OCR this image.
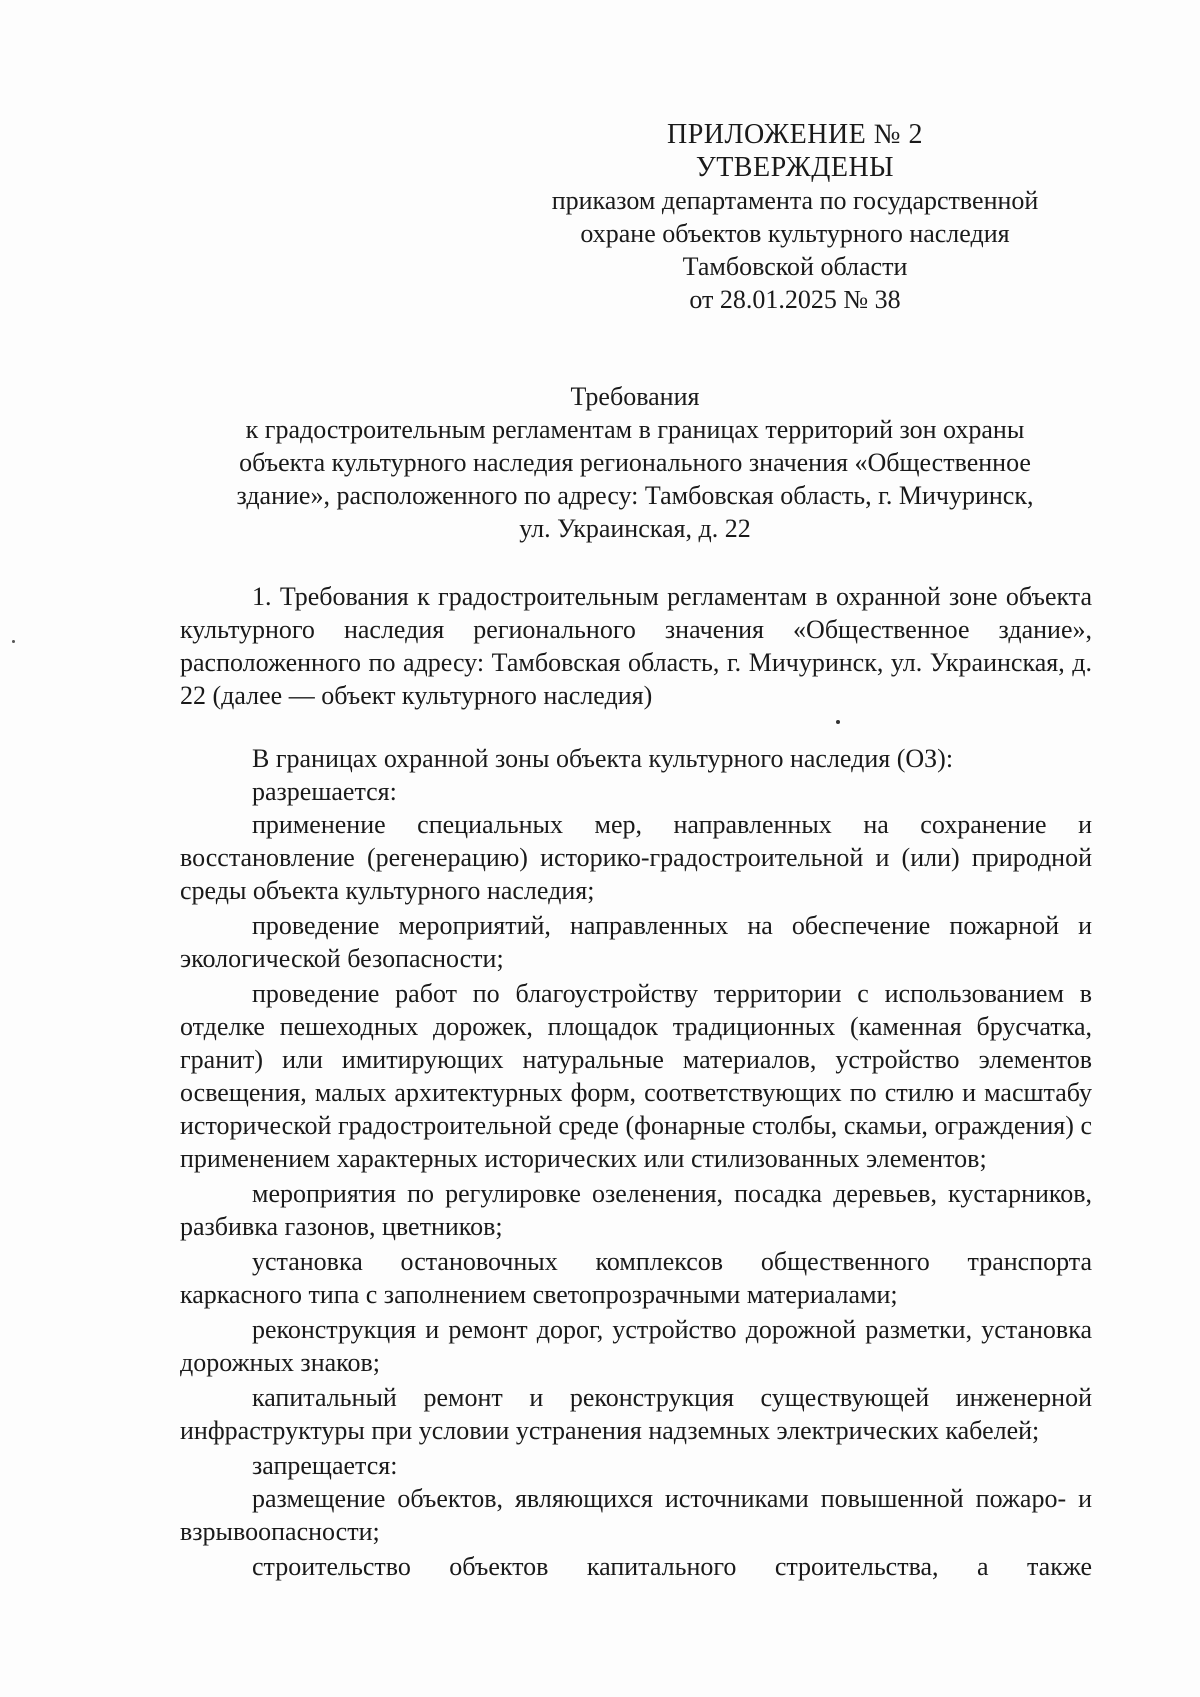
ПРИЛОЖЕНИЕ № 2
УТВЕРЖДЕНЫ
приказом департамента по государственной
охране объектов культурного наследия
Тамбовской области
от 28.01.2025 № 38
Требования
к градостроительным регламентам в границах территорий зон охраны
объекта культурного наследия регионального значения «Общественное
здание», расположенного по адресу: Тамбовская область, г. Мичуринск,
ул. Украинская, д. 22

1. Требования к градостроительным регламентам в охранной зоне объекта культурного наследия регионального значения «Общественное здание», расположенного по адресу: Тамбовская область, г. Мичуринск, ул. Украинская, д. 22 (далее — объект культурного наследия)

В границах охранной зоны объекта культурного наследия (ОЗ):

разрешается:

применение специальных мер, направленных на сохранение и восстановление (регенерацию) историко-градостроительной и (или) природной среды объекта культурного наследия;

проведение мероприятий, направленных на обеспечение пожарной и экологической безопасности;

проведение работ по благоустройству территории с использованием в отделке пешеходных дорожек, площадок традиционных (каменная брусчатка, гранит) или имитирующих натуральные материалов, устройство элементов освещения, малых архитектурных форм, соответствующих по стилю и масштабу исторической градостроительной среде (фонарные столбы, скамьи, ограждения) с применением характерных исторических или стилизованных элементов;

мероприятия по регулировке озеленения, посадка деревьев, кустарников, разбивка газонов, цветников;

установка остановочных комплексов общественного транспорта каркасного типа с заполнением светопрозрачными материалами;

реконструкция и ремонт дорог, устройство дорожной разметки, установка дорожных знаков;

капитальный ремонт и реконструкция существующей инженерной инфраструктуры при условии устранения надземных электрических кабелей;

запрещается:

размещение объектов, являющихся источниками повышенной пожаро- и взрывоопасности;

строительство объектов капитального строительства, а также
